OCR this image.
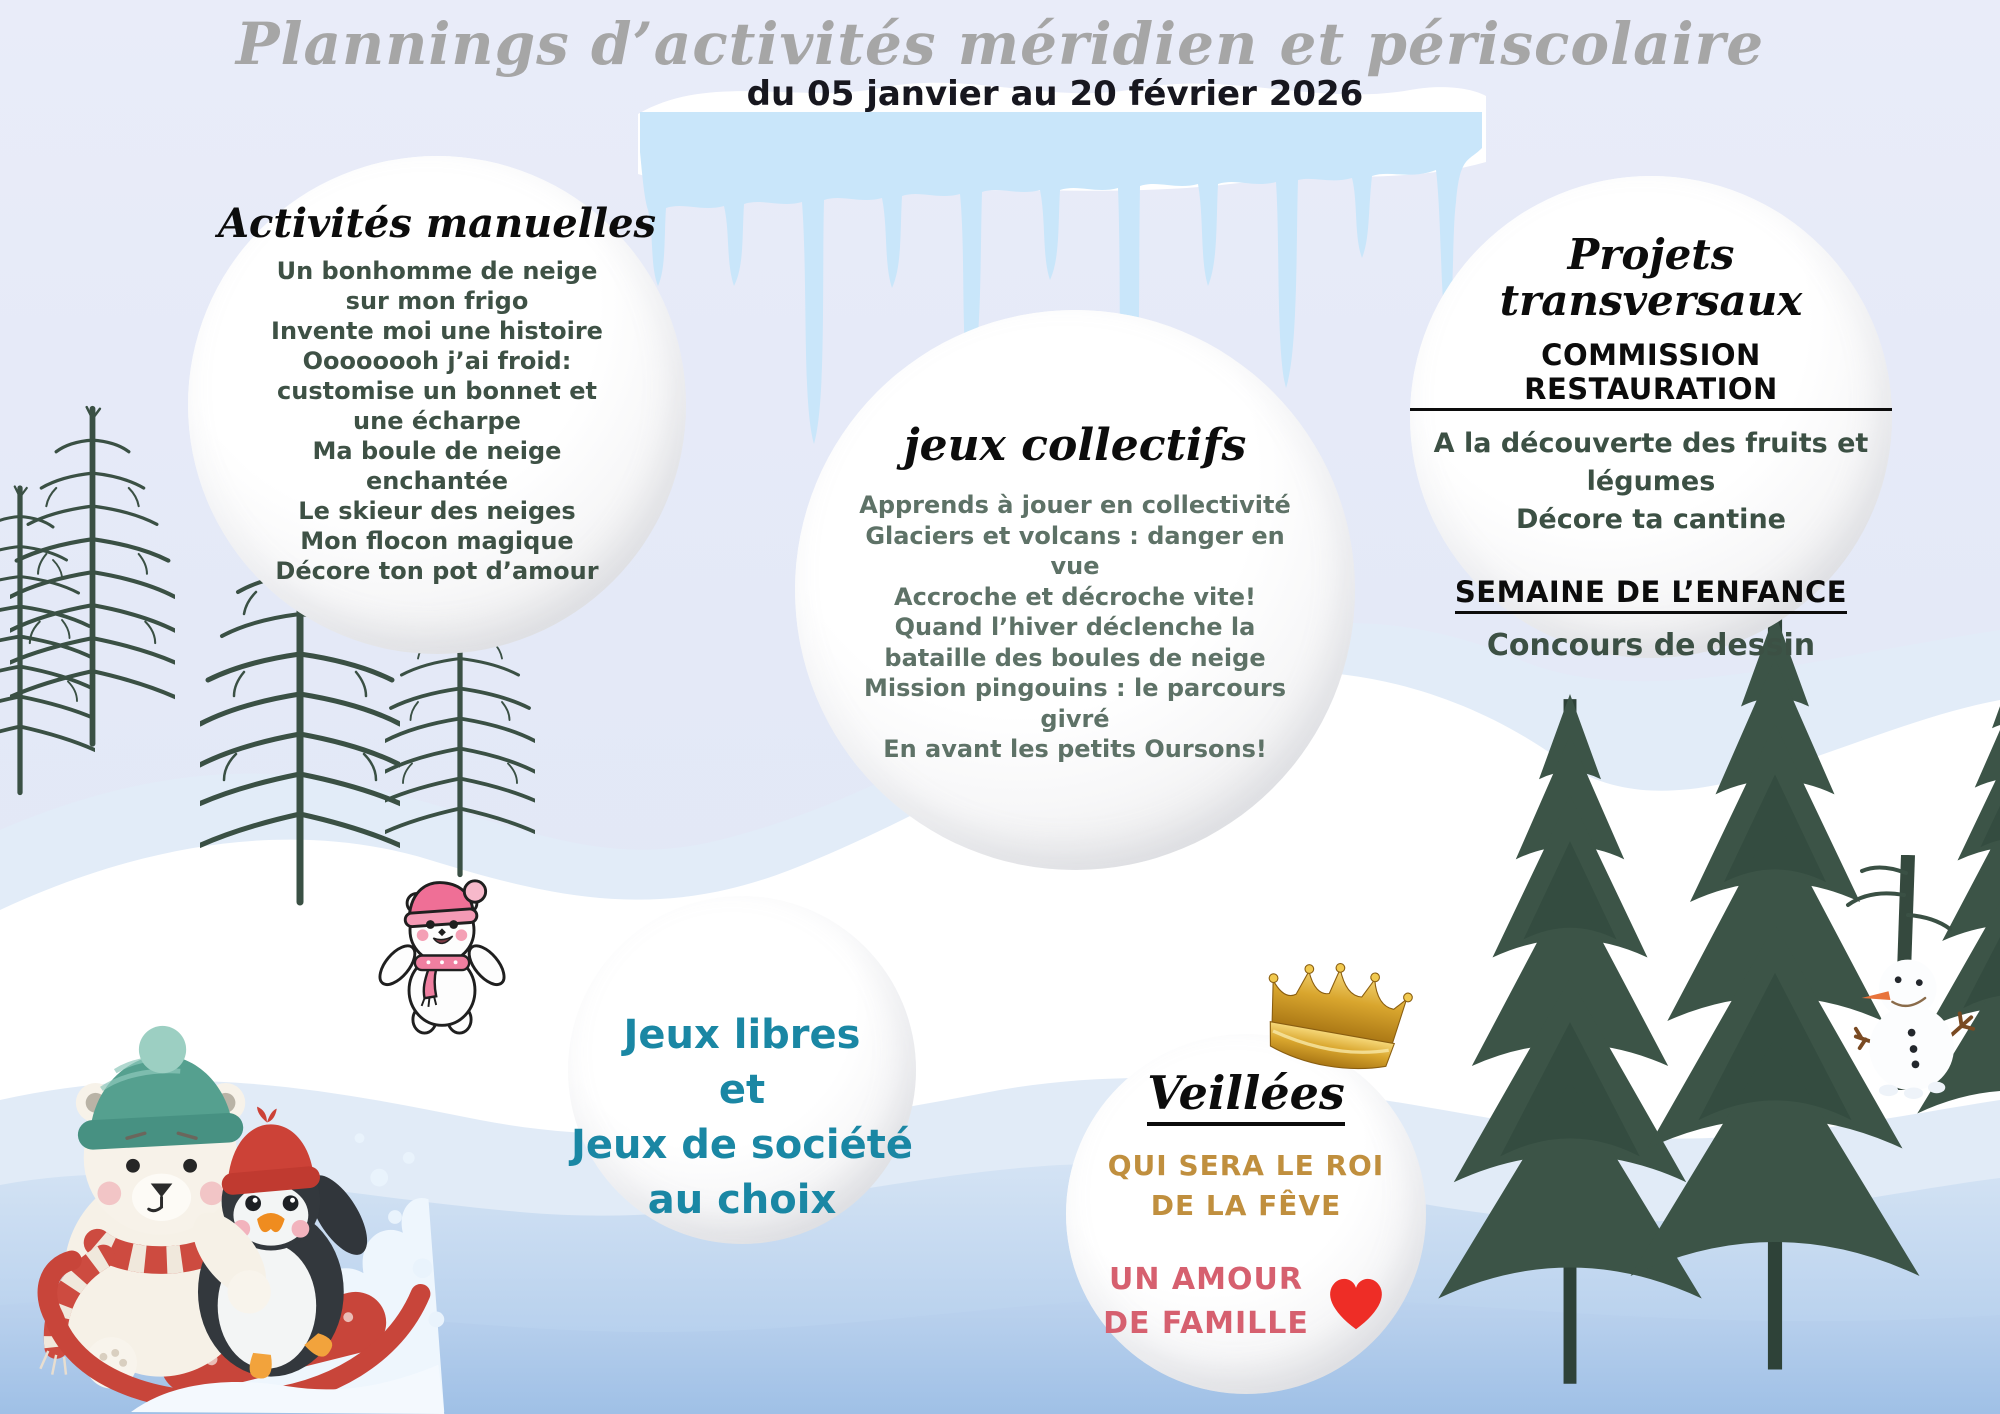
Plannings d’activités méridien et périscolaire
du 05 janvier au 20 février 2026
Activités manuelles
Un bonhomme de neige
sur mon frigo
Invente moi une histoire
Oooooooh j’ai froid:
customise un bonnet et
une écharpe
Ma boule de neige
enchantée
Le skieur des neiges
Mon flocon magique
Décore ton pot d’amour
jeux collectifs
Apprends à jouer en collectivité
Glaciers et volcans : danger en
vue
Accroche et décroche vite!
Quand l’hiver déclenche la
bataille des boules de neige
Mission pingouins : le parcours
givré
En avant les petits Oursons!
Projets transversaux
COMMISSION RESTAURATION
A la découverte des fruits et
légumes
Décore ta cantine
SEMAINE DE L’ENFANCE
Concours de dessin
Jeux libres
et
Jeux de société
au choix
Veillées
QUI SERA LE ROI
DE LA FÊVE
UN AMOUR
DE FAMILLE
